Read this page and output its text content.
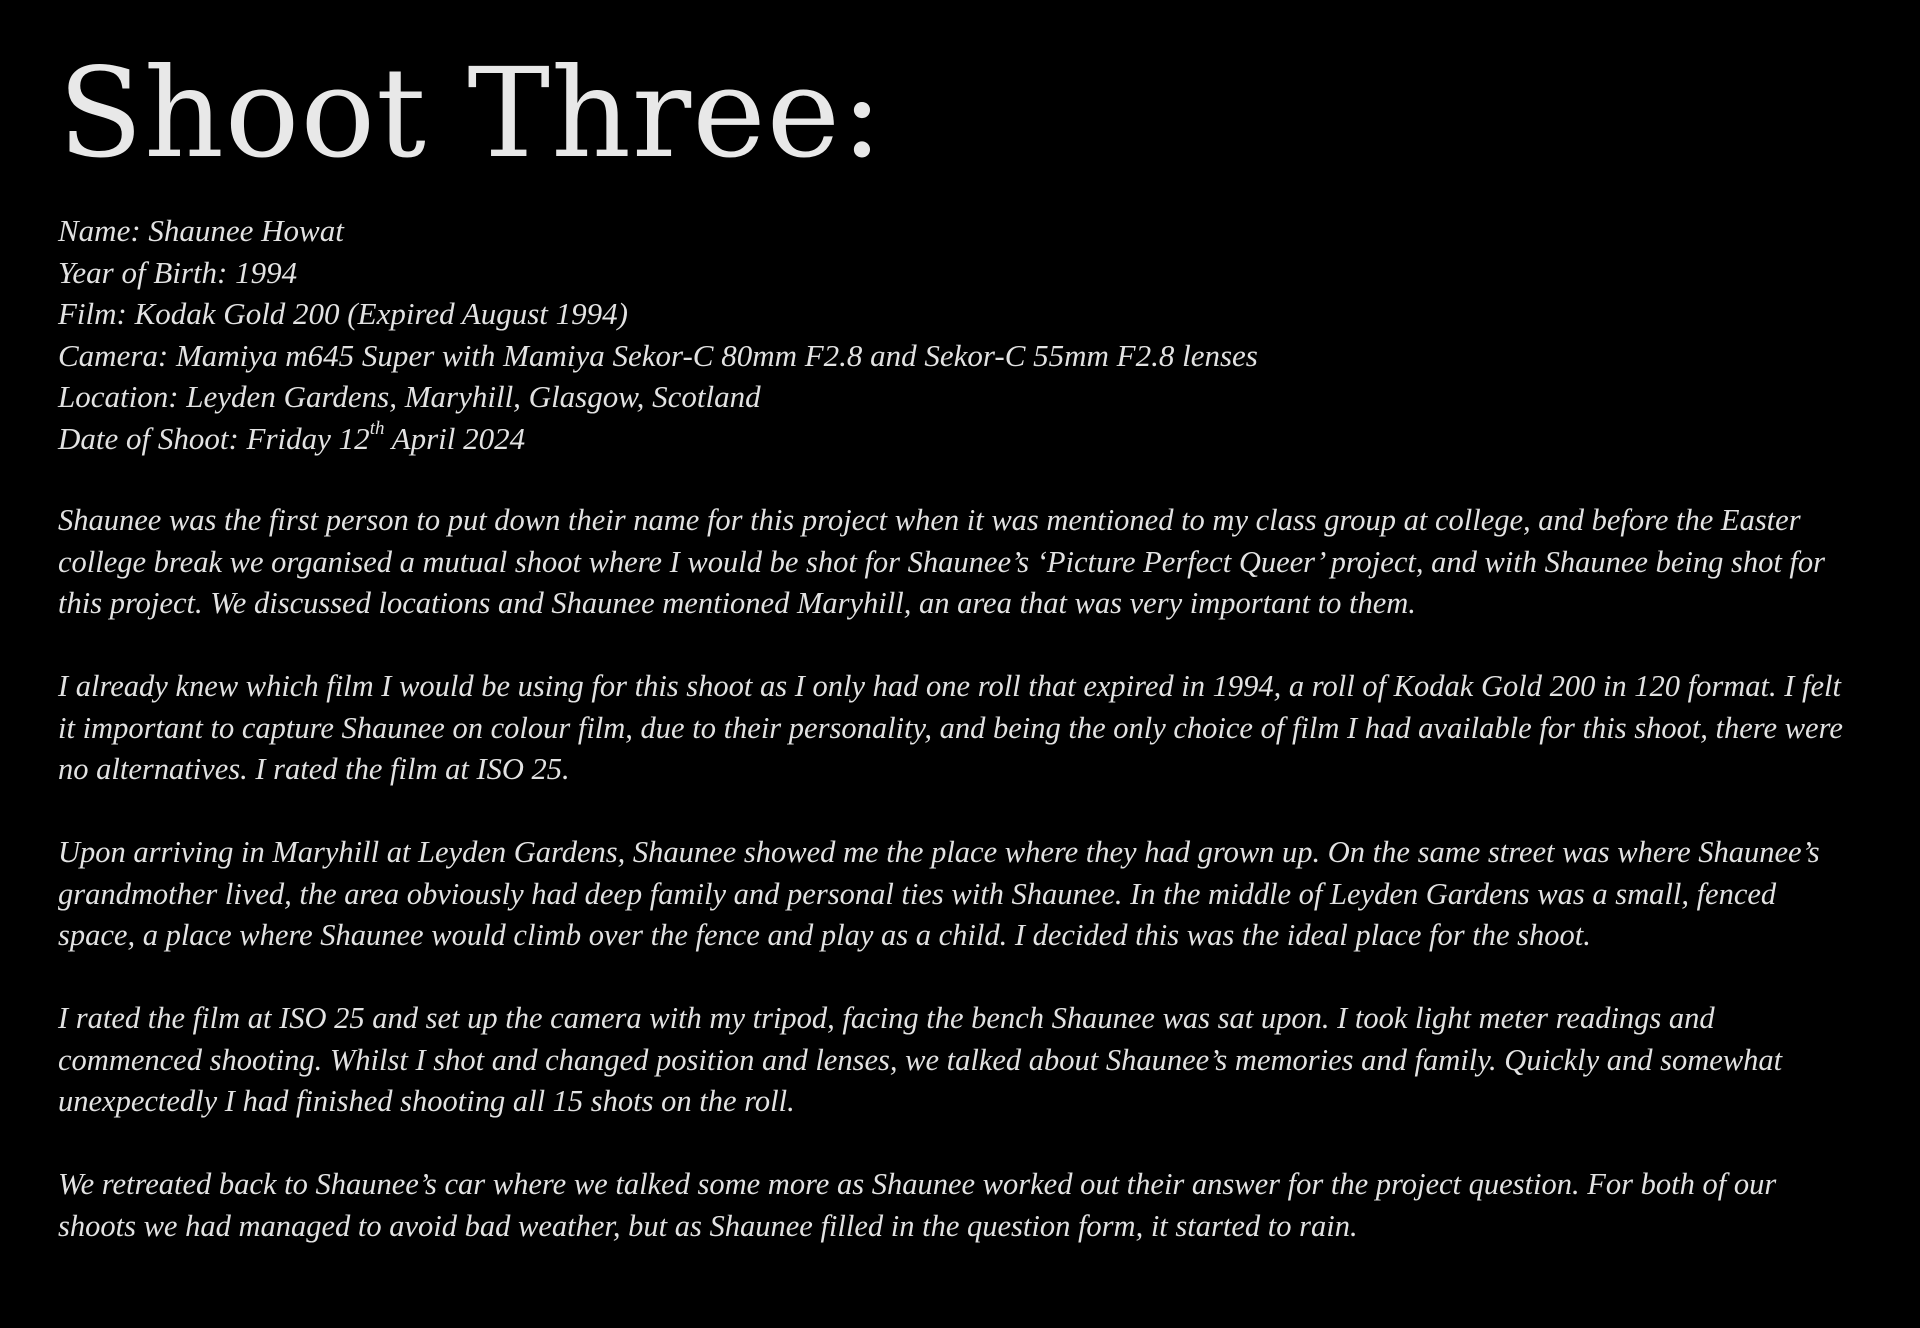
Shoot Three:
Name: Shaunee Howat
Year of Birth: 1994
Film: Kodak Gold 200 (Expired August 1994)
Camera: Mamiya m645 Super with Mamiya Sekor-C 80mm F2.8 and Sekor-C 55mm F2.8 lenses
Location: Leyden Gardens, Maryhill, Glasgow, Scotland
Date of Shoot: Friday 12th April 2024

Shaunee was the first person to put down their name for this project when it was mentioned to my class group at college, and before the Easter college break we organised a mutual shoot where I would be shot for Shaunee’s ‘Picture Perfect Queer’ project, and with Shaunee being shot for this project. We discussed locations and Shaunee mentioned Maryhill, an area that was very important to them.

I already knew which film I would be using for this shoot as I only had one roll that expired in 1994, a roll of Kodak Gold 200 in 120 format. I felt it important to capture Shaunee on colour film, due to their personality, and being the only choice of film I had available for this shoot, there were no alternatives. I rated the film at ISO 25.

Upon arriving in Maryhill at Leyden Gardens, Shaunee showed me the place where they had grown up. On the same street was where Shaunee’s grandmother lived, the area obviously had deep family and personal ties with Shaunee. In the middle of Leyden Gardens was a small, fenced space, a place where Shaunee would climb over the fence and play as a child. I decided this was the ideal place for the shoot.

I rated the film at ISO 25 and set up the camera with my tripod, facing the bench Shaunee was sat upon. I took light meter readings and commenced shooting. Whilst I shot and changed position and lenses, we talked about Shaunee’s memories and family. Quickly and somewhat unexpectedly I had finished shooting all 15 shots on the roll.

We retreated back to Shaunee’s car where we talked some more as Shaunee worked out their answer for the project question. For both of our shoots we had managed to avoid bad weather, but as Shaunee filled in the question form, it started to rain.
